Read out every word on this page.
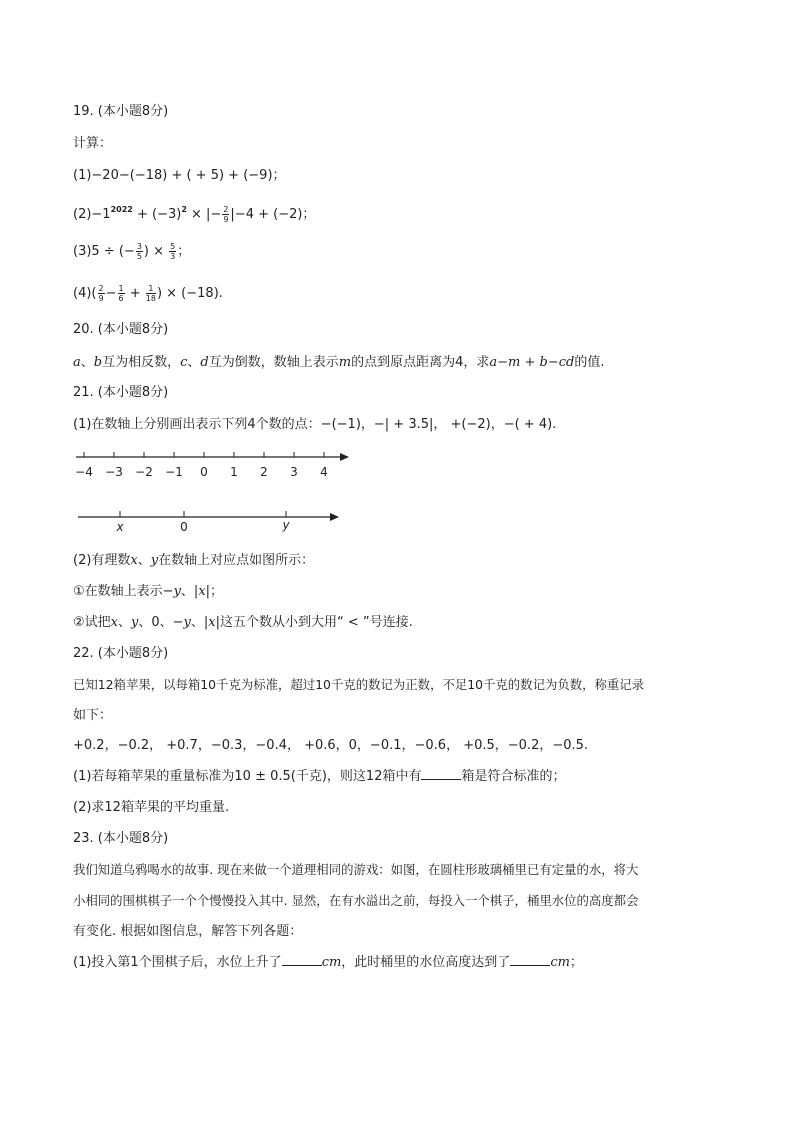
19. (本小题8分)
计算：
(1)−20−(−18) + ( + 5) + (−9)；
$(2)-1^{2022} + (-3)^2$ × |− $\frac{2}{9} |-4 + (-2)$；
(3)5 ÷ (− $\frac{3}{5}$ ) × $\frac{5}{3}$ ；
$(4)( \frac{2}{9} - \frac{1}{6} + \frac{1}{18}$ ) × (−18).
20. (本小题8分)
a、b互为相反数，c、d互为倒数，数轴上表示m的点到原点距离为4，求a−m + b−cd的值.
21. (本小题8分)
(1)在数轴上分别画出表示下列4个数的点：−(−1)，−| + 3.5|， +(−2)，−( + 4).
−4 −3 −2 −1 0 1 2 3 4
x	0	y
(2)有理数x、y在数轴上对应点如图所示：
①在数轴上表示−y、|x|；
②试把x、y、0、−y、|x|这五个数从小到大用“ < ”号连接.
22. (本小题8分)
已知12箱苹果，以每箱10千克为标准，超过10千克的数记为正数，不足10千克的数记为负数，称重记录
如下：
+0.2，−0.2， +0.7，−0.3，−0.4， +0.6，0，−0.1，−0.6， +0.5，−0.2，−0.5.
(1)若每箱苹果的重量标准为10 ± 0.5(千克)，则这12箱中有	箱是符合标准的；
(2)求12箱苹果的平均重量.
23. (本小题8分)
我们知道乌鸦喝水的故事. 现在来做一个道理相同的游戏：如图，在圆柱形玻璃桶里已有定量的水，将大
小相同的围棋棋子一个个慢慢投入其中. 显然，在有水溢出之前，每投入一个棋子，桶里水位的高度都会
有变化. 根据如图信息，解答下列各题：
(1)投入第1个围棋子后，水位上升了	cm，此时桶里的水位高度达到了	cm；
